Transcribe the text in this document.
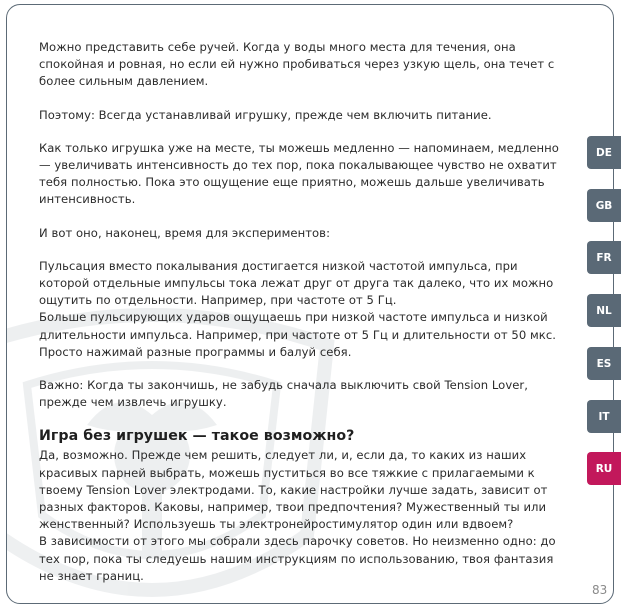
Можно представить себе ручей. Когда у воды много места для течения, она спокойная и ровная, но если ей нужно пробиваться через узкую щель, она течет с более сильным давлением.

Поэтому: Всегда устанавливай игрушку, прежде чем включить питание.

Как только игрушка уже на месте, ты можешь медленно — напоминаем, медленно — увеличивать интенсивность до тех пор, пока покалывающее чувство не охватит тебя полностью. Пока это ощущение еще приятно, можешь дальше увеличивать интенсивность.

И вот оно, наконец, время для экспериментов:

Пульсация вместо покалывания достигается низкой частотой импульса, при которой отдельные импульсы тока лежат друг от друга так далеко, что их можно ощутить по отдельности. Например, при частоте от 5 Гц.

Больше пульсирующих ударов ощущаешь при низкой частоте импульса и низкой длительности импульса. Например, при частоте от 5 Гц и длительности от 50 мкс. Просто нажимай разные программы и балуй себя.

Важно: Когда ты закончишь, не забудь сначала выключить свой Tension Lover, прежде чем извлечь игрушку.

Игра без игрушек — такое возможно?

Да, возможно. Прежде чем решить, следует ли, и, если да, то каких из наших красивых парней выбрать, можешь пуститься во все тяжкие с прилагаемыми к твоему Tension Lover электродами. То, какие настройки лучше задать, зависит от разных факторов. Каковы, например, твои предпочтения? Мужественный ты или женственный? Используешь ты электронейростимулятор один или вдвоем?

В зависимости от этого мы собрали здесь парочку советов. Но неизменно одно: до тех пор, пока ты следуешь нашим инструкциям по использованию, твоя фантазия не знает границ.

83
DE
GB
FR
NL
ES
IT
RU
